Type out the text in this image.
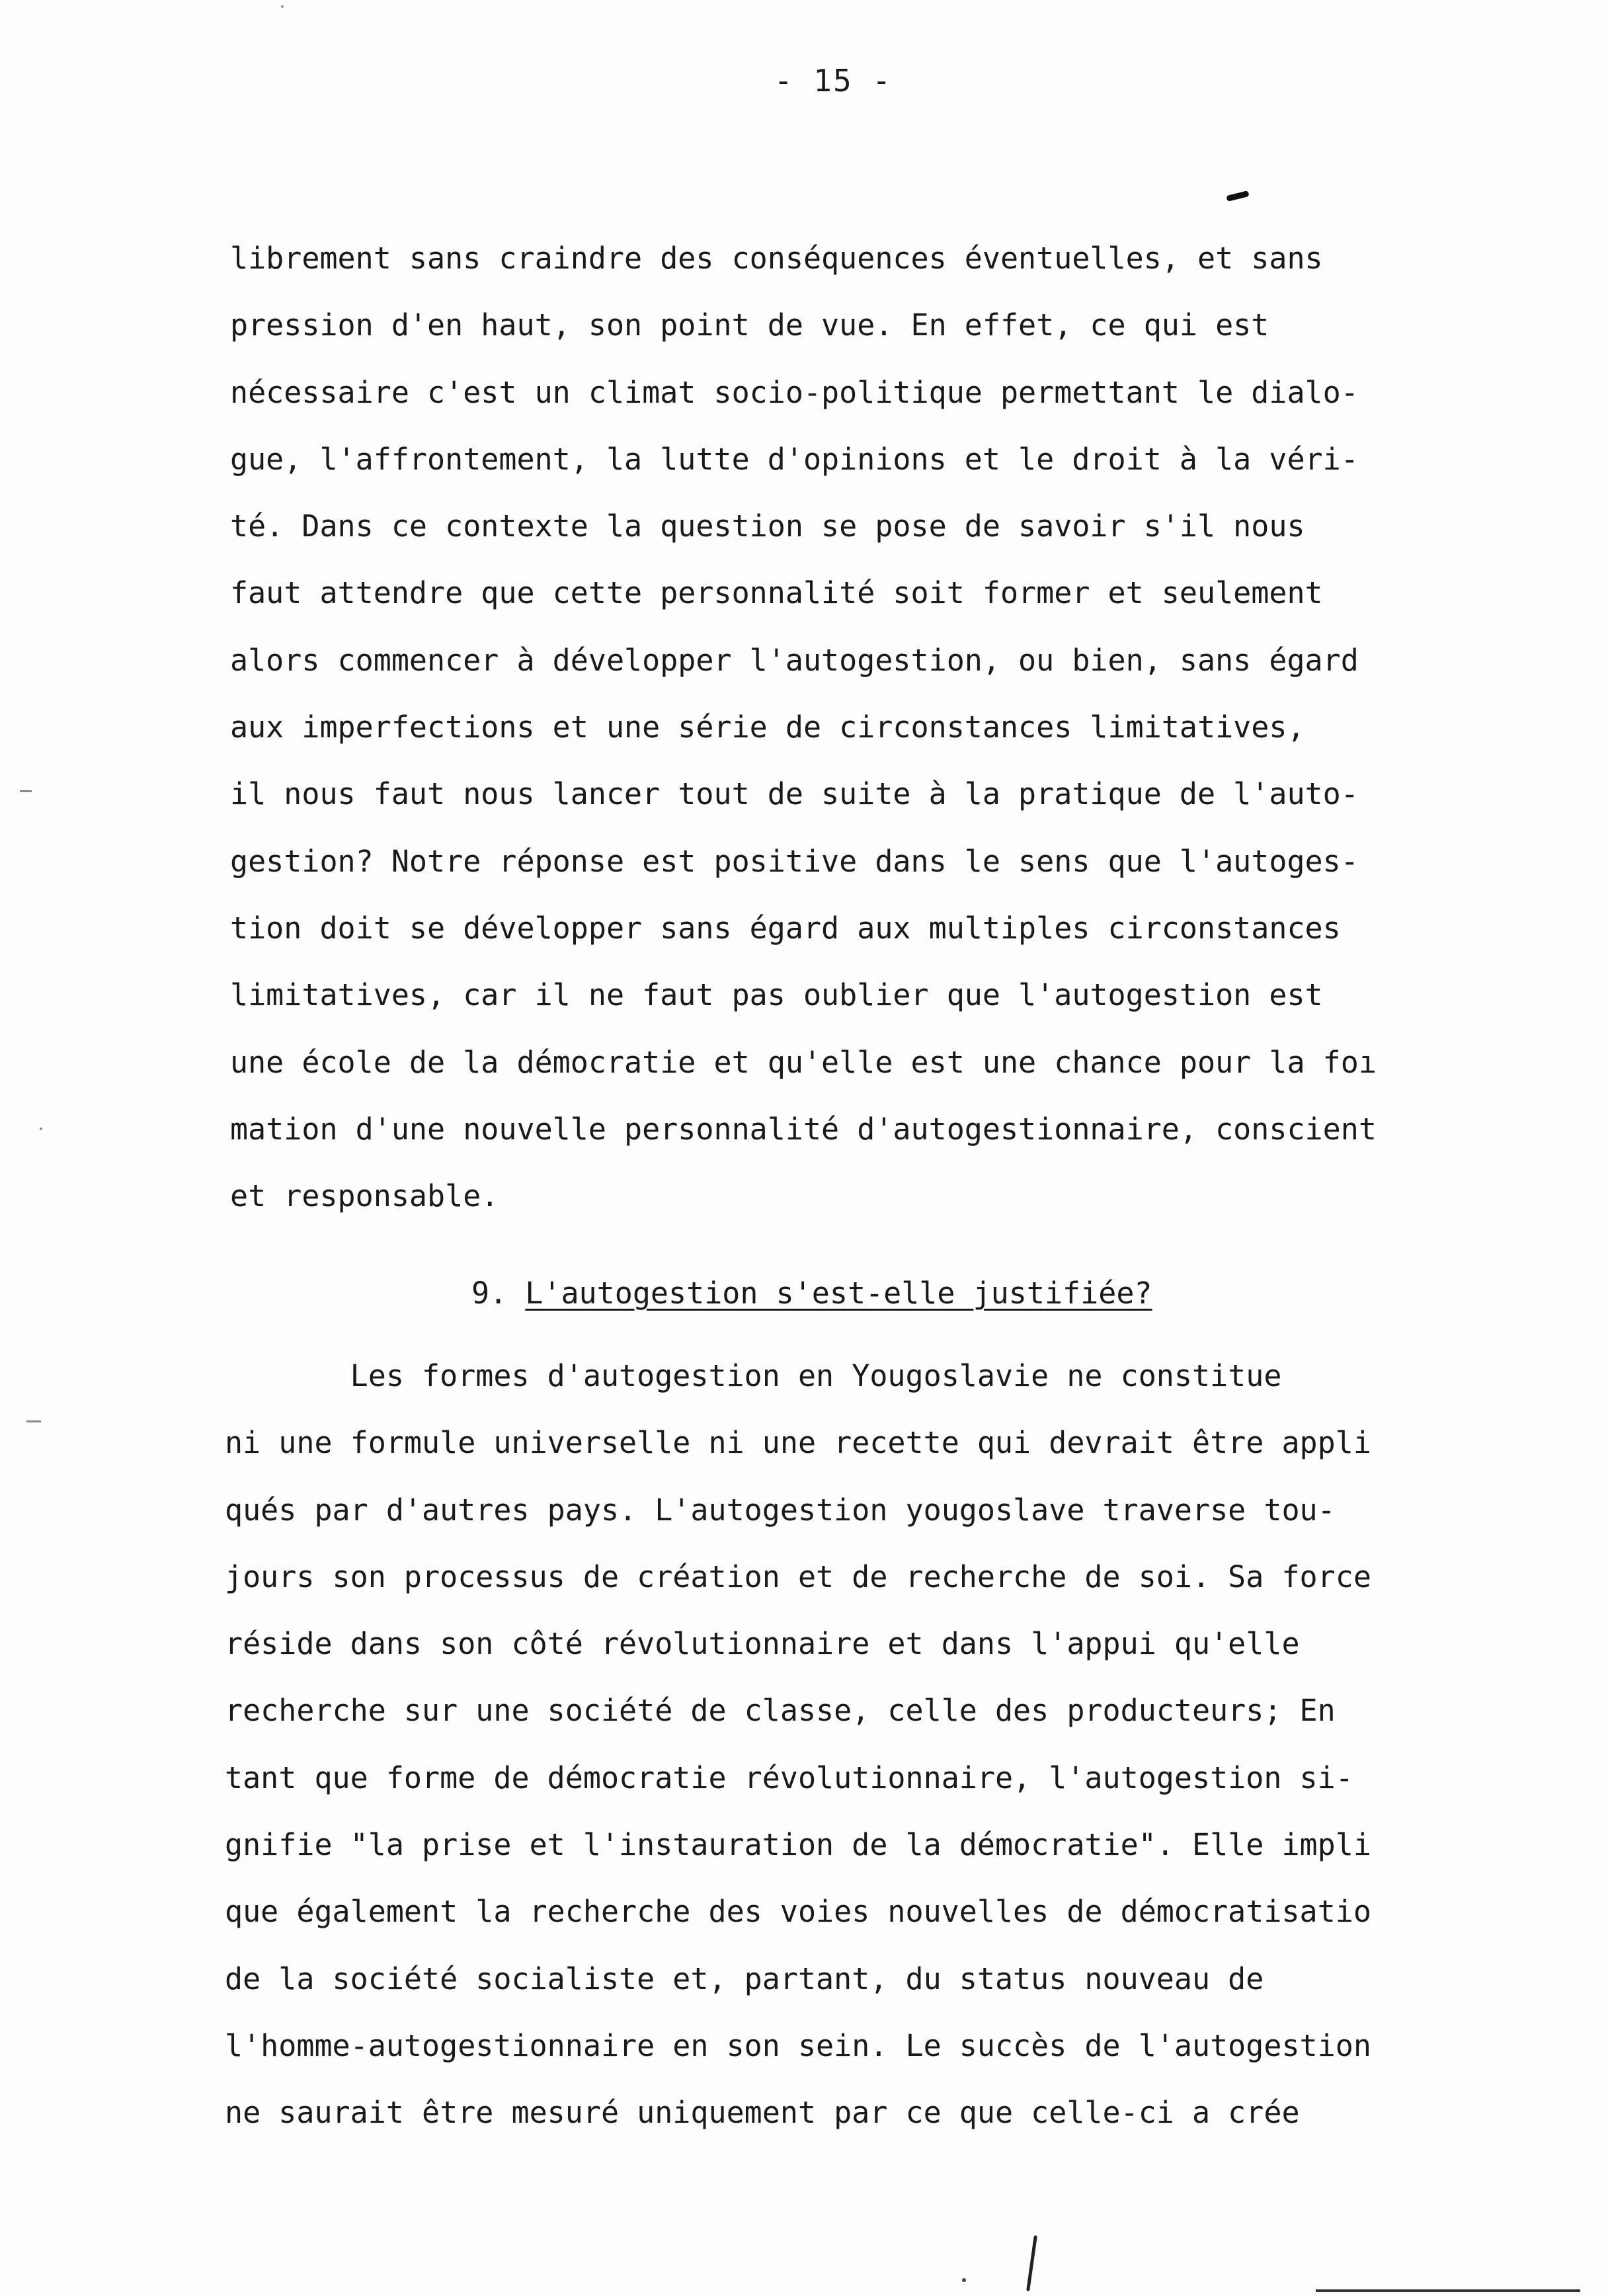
- 15 -
librement sans craindre des conséquences éventuelles, et sans
pression d'en haut, son point de vue. En effet, ce qui est
nécessaire c'est un climat socio-politique permettant le dialo-
gue, l'affrontement, la lutte d'opinions et le droit à la véri-
té. Dans ce contexte la question se pose de savoir s'il nous
faut attendre que cette personnalité soit former et seulement
alors commencer à développer l'autogestion, ou bien, sans égard
aux imperfections et une série de circonstances limitatives,
il nous faut nous lancer tout de suite à la pratique de l'auto-
gestion? Notre réponse est positive dans le sens que l'autoges-
tion doit se développer sans égard aux multiples circonstances
limitatives, car il ne faut pas oublier que l'autogestion est
une école de la démocratie et qu'elle est une chance pour la foı
mation d'une nouvelle personnalité d'autogestionnaire, conscient
et responsable.
9. L'autogestion s'est-elle justifiée?
Les formes d'autogestion en Yougoslavie ne constitue
ni une formule universelle ni une recette qui devrait être appli
qués par d'autres pays. L'autogestion yougoslave traverse tou-
jours son processus de création et de recherche de soi. Sa force
réside dans son côté révolutionnaire et dans l'appui qu'elle
recherche sur une société de classe, celle des producteurs; En
tant que forme de démocratie révolutionnaire, l'autogestion si-
gnifie "la prise et l'instauration de la démocratie". Elle impli
que également la recherche des voies nouvelles de démocratisatio
de la société socialiste et, partant, du status nouveau de
l'homme-autogestionnaire en son sein. Le succès de l'autogestion
ne saurait être mesuré uniquement par ce que celle-ci a crée
